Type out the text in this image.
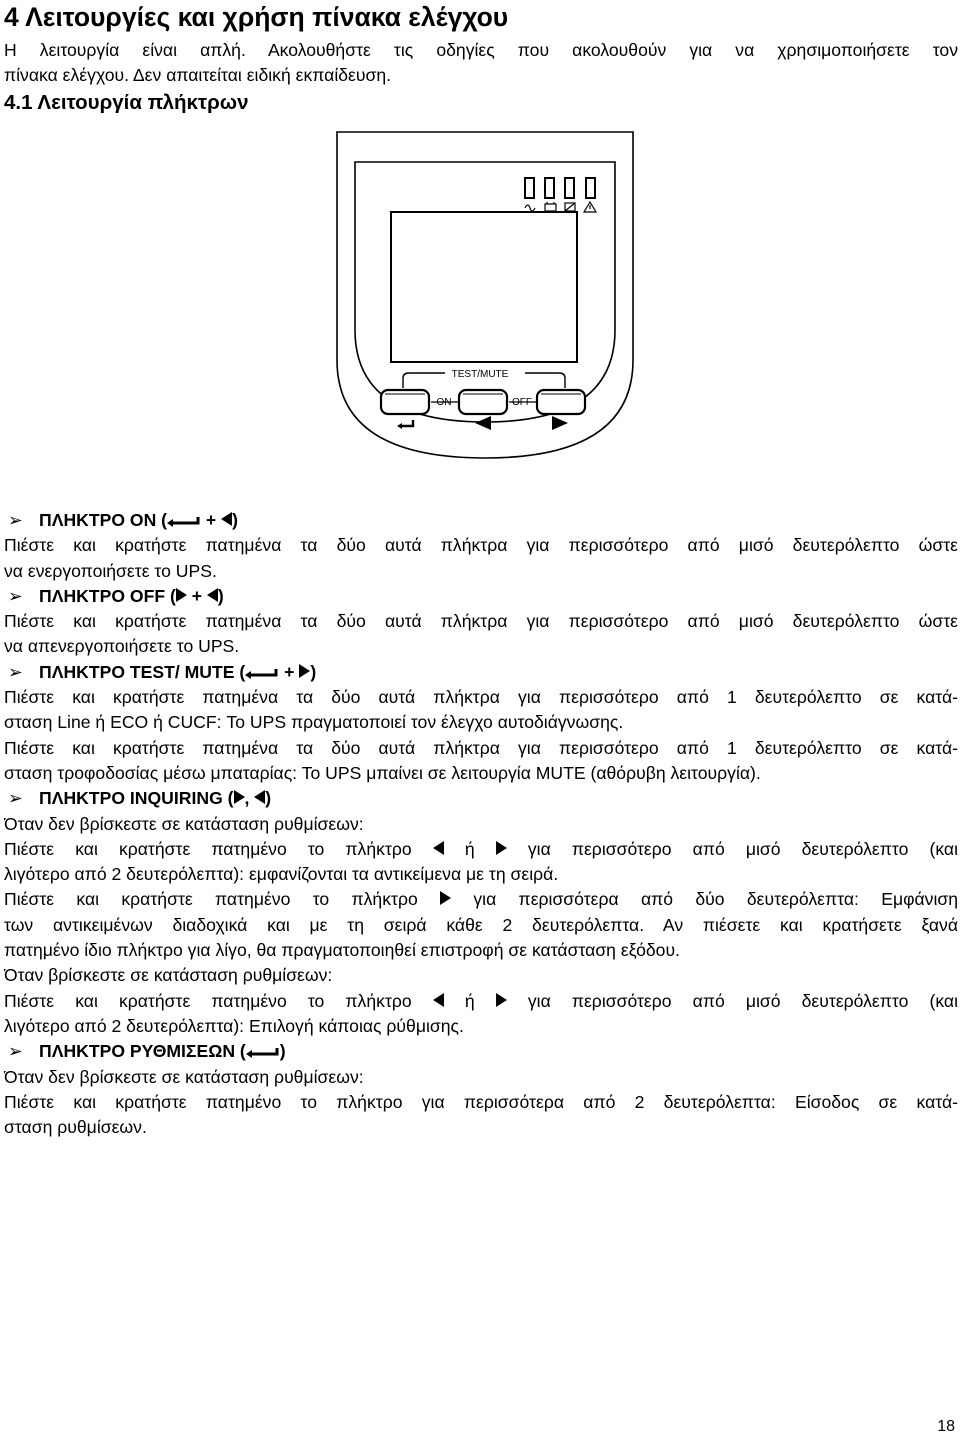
4 Λειτουργίες και χρήση πίνακα ελέγχου
Η λειτουργία είναι απλή. Ακολουθήστε τις οδηγίες που ακολουθούν για να χρησιμοποιήσετε τον
πίνακα ελέγχου. Δεν απαιτείται ειδική εκπαίδευση.
4.1 Λειτουργία πλήκτρων
TEST/MUTE
ON	OFF
➢ ΠΛΗΚΤΡΟ ON ( + )
Πιέστε και κρατήστε πατημένα τα δύο αυτά πλήκτρα για περισσότερο από μισό δευτερόλεπτο ώστε
να ενεργοποιήσετε το UPS.
➢ ΠΛΗΚΤΡΟ OFF ( + )
Πιέστε και κρατήστε πατημένα τα δύο αυτά πλήκτρα για περισσότερο από μισό δευτερόλεπτο ώστε
να απενεργοποιήσετε το UPS.
➢ ΠΛΗΚΤΡΟ TEST/ MUTE ( + )
Πιέστε και κρατήστε πατημένα τα δύο αυτά πλήκτρα για περισσότερο από 1 δευτερόλεπτο σε κατά-
σταση Line ή ECO ή CUCF: Το UPS πραγματοποιεί τον έλεγχο αυτοδιάγνωσης.
Πιέστε και κρατήστε πατημένα τα δύο αυτά πλήκτρα για περισσότερο από 1 δευτερόλεπτο σε κατά-
σταση τροφοδοσίας μέσω μπαταρίας: Το UPS μπαίνει σε λειτουργία MUTE (αθόρυβη λειτουργία).
➢ ΠΛΗΚΤΡΟ INQUIRING ( , )
Όταν δεν βρίσκεστε σε κατάσταση ρυθμίσεων:
Πιέστε και κρατήστε πατημένο το πλήκτρο	ή	για περισσότερο από μισό δευτερόλεπτο (και
λιγότερο από 2 δευτερόλεπτα): εμφανίζονται τα αντικείμενα με τη σειρά.
Πιέστε και κρατήστε πατημένο το πλήκτρο	για περισσότερα από δύο δευτερόλεπτα: Εμφάνιση
των αντικειμένων διαδοχικά και με τη σειρά κάθε 2 δευτερόλεπτα. Αν πιέσετε και κρατήσετε ξανά
πατημένο ίδιο πλήκτρο για λίγο, θα πραγματοποιηθεί επιστροφή σε κατάσταση εξόδου.
Όταν βρίσκεστε σε κατάσταση ρυθμίσεων:
Πιέστε και κρατήστε πατημένο το πλήκτρο	ή	για περισσότερο από μισό δευτερόλεπτο (και
λιγότερο από 2 δευτερόλεπτα): Επιλογή κάποιας ρύθμισης.
➢ ΠΛΗΚΤΡΟ ΡΥΘΜΙΣΕΩΝ ( )
Όταν δεν βρίσκεστε σε κατάσταση ρυθμίσεων:
Πιέστε και κρατήστε πατημένο το πλήκτρο για περισσότερα από 2 δευτερόλεπτα: Είσοδος σε κατά-
σταση ρυθμίσεων.
18
